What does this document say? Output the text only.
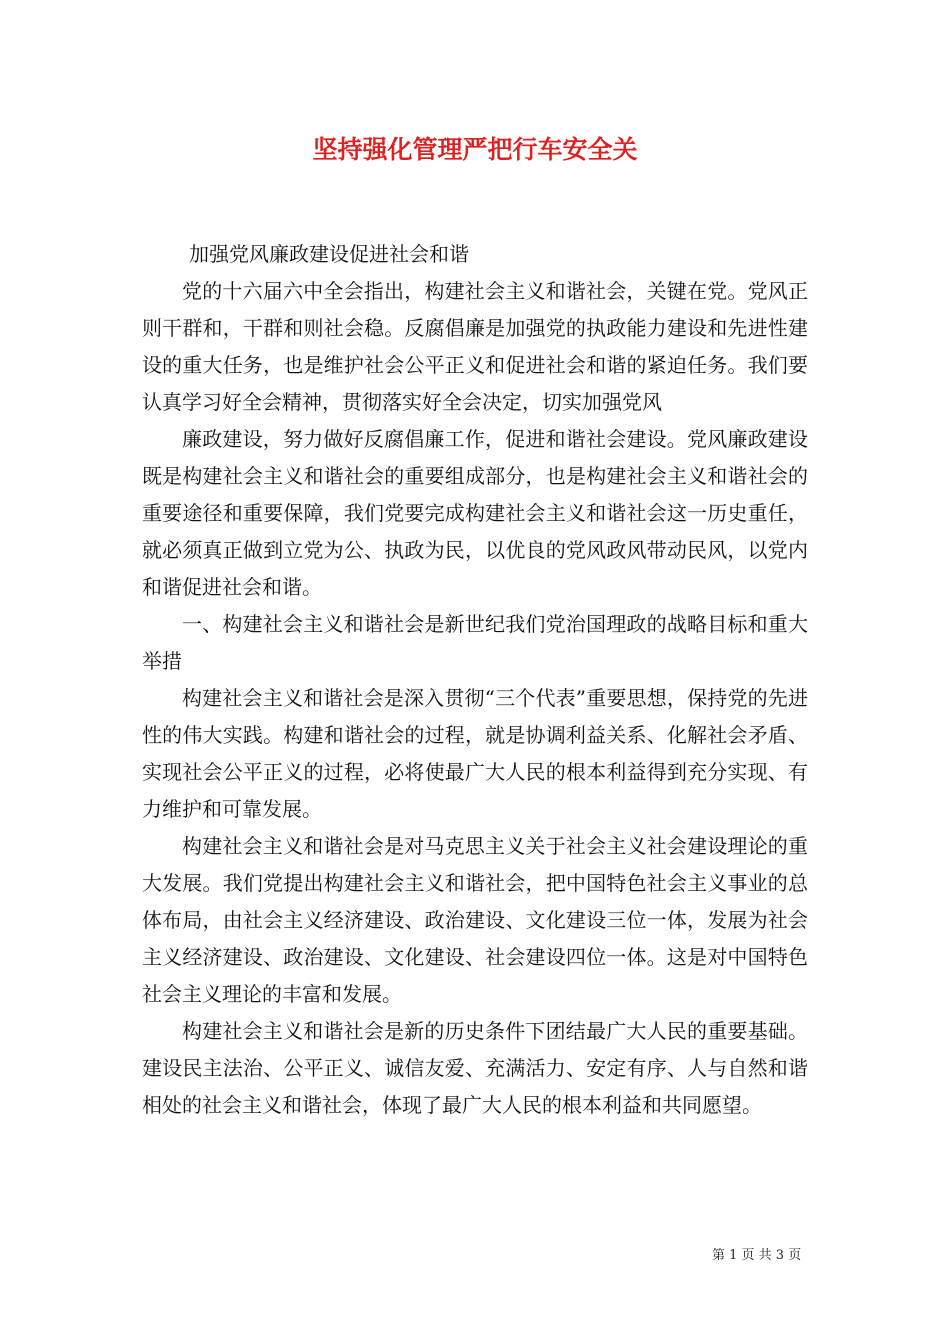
坚持强化管理严把行车安全关

加强党风廉政建设促进社会和谐

党的十六届六中全会指出，构建社会主义和谐社会，关键在党。党风正则干群和，干群和则社会稳。反腐倡廉是加强党的执政能力建设和先进性建设的重大任务，也是维护社会公平正义和促进社会和谐的紧迫任务。我们要认真学习好全会精神，贯彻落实好全会决定，切实加强党风

廉政建设，努力做好反腐倡廉工作，促进和谐社会建设。党风廉政建设既是构建社会主义和谐社会的重要组成部分，也是构建社会主义和谐社会的重要途径和重要保障，我们党要完成构建社会主义和谐社会这一历史重任，就必须真正做到立党为公、执政为民，以优良的党风政风带动民风，以党内和谐促进社会和谐。

一、构建社会主义和谐社会是新世纪我们党治国理政的战略目标和重大举措

构建社会主义和谐社会是深入贯彻“三个代表”重要思想，保持党的先进性的伟大实践。构建和谐社会的过程，就是协调利益关系、化解社会矛盾、实现社会公平正义的过程，必将使最广大人民的根本利益得到充分实现、有力维护和可靠发展。

构建社会主义和谐社会是对马克思主义关于社会主义社会建设理论的重大发展。我们党提出构建社会主义和谐社会，把中国特色社会主义事业的总体布局，由社会主义经济建设、政治建设、文化建设三位一体，发展为社会主义经济建设、政治建设、文化建设、社会建设四位一体。这是对中国特色社会主义理论的丰富和发展。

构建社会主义和谐社会是新的历史条件下团结最广大人民的重要基础。建设民主法治、公平正义、诚信友爱、充满活力、安定有序、人与自然和谐相处的社会主义和谐社会，体现了最广大人民的根本利益和共同愿望。

第 1 页 共 3 页
